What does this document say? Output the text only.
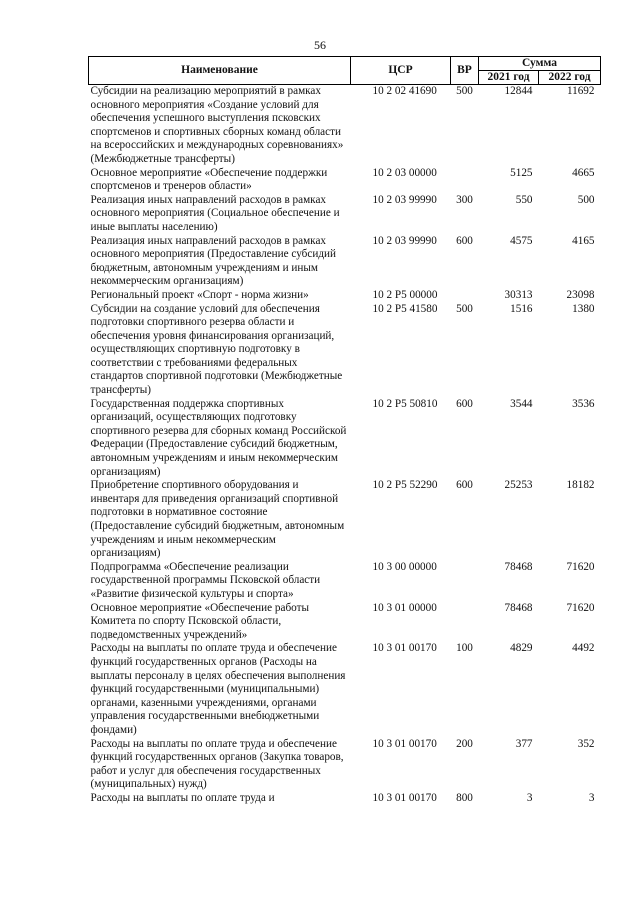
56
Наименование	ЦСР	ВР	Сумма	
			2021 год	2022 год
Субсидии на реализацию мероприятий в рамках основного мероприятия «Создание условий для обеспечения успешного выступления псковских спортсменов и спортивных сборных команд области на всероссийских и международных соревнованиях» (Межбюджетные трансферты)	10 2 02 41690	500	12844	11692
Основное мероприятие «Обеспечение поддержки спортсменов и тренеров области»	10 2 03 00000		5125	4665
Реализация иных направлений расходов в рамках основного мероприятия (Социальное обеспечение и иные выплаты населению)	10 2 03 99990	300	550	500
Реализация иных направлений расходов в рамках основного мероприятия (Предоставление субсидий бюджетным, автономным учреждениям и иным некоммерческим организациям)	10 2 03 99990	600	4575	4165
Региональный проект «Спорт - норма жизни»	10 2 P5 00000		30313	23098
Субсидии на создание условий для обеспечения подготовки спортивного резерва области и обеспечения уровня финансирования организаций, осуществляющих спортивную подготовку в соответствии с требованиями федеральных стандартов спортивной подготовки (Межбюджетные трансферты)	10 2 P5 41580	500	1516	1380
Государственная поддержка спортивных организаций, осуществляющих подготовку спортивного резерва для сборных команд Российской Федерации (Предоставление субсидий бюджетным, автономным учреждениям и иным некоммерческим организациям)	10 2 P5 50810	600	3544	3536
Приобретение спортивного оборудования и инвентаря для приведения организаций спортивной подготовки в нормативное состояние (Предоставление субсидий бюджетным, автономным учреждениям и иным некоммерческим организациям)	10 2 P5 52290	600	25253	18182
Подпрограмма «Обеспечение реализации государственной программы Псковской области «Развитие физической культуры и спорта»	10 3 00 00000		78468	71620
Основное мероприятие «Обеспечение работы Комитета по спорту Псковской области, подведомственных учреждений»	10 3 01 00000		78468	71620
Расходы на выплаты по оплате труда и обеспечение функций государственных органов (Расходы на выплаты персоналу в целях обеспечения выполнения функций государственными (муниципальными) органами, казенными учреждениями, органами управления государственными внебюджетными фондами)	10 3 01 00170	100	4829	4492
Расходы на выплаты по оплате труда и обеспечение функций государственных органов (Закупка товаров, работ и услуг для обеспечения государственных (муниципальных) нужд)	10 3 01 00170	200	377	352
Расходы на выплаты по оплате труда и	10 3 01 00170	800	3	3
